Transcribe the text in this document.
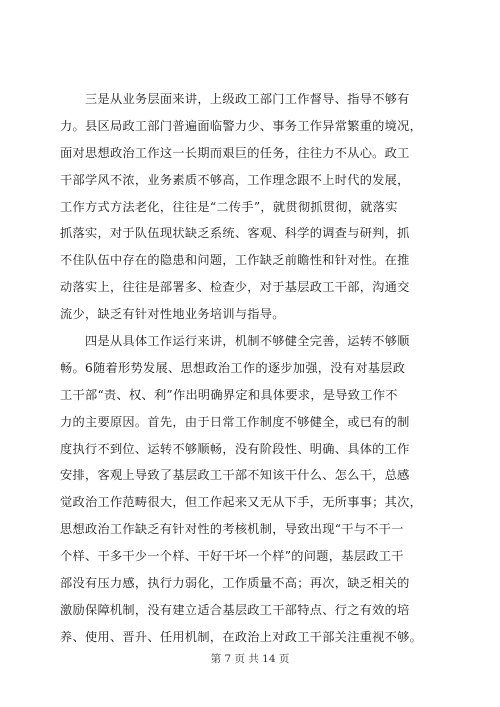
三是从业务层面来讲，上级政工部门工作督导、指导不够有
力。县区局政工部门普遍面临警力少、事务工作异常繁重的境况，
面对思想政治工作这一长期而艰巨的任务，往往力不从心。政工
干部学风不浓，业务素质不够高，工作理念跟不上时代的发展，
工作方式方法老化，往往是“二传手”，就贯彻抓贯彻，就落实
抓落实，对于队伍现状缺乏系统、客观、科学的调查与研判，抓
不住队伍中存在的隐患和问题，工作缺乏前瞻性和针对性。在推
动落实上，往往是部署多、检查少，对于基层政工干部，沟通交
流少，缺乏有针对性地业务培训与指导。
四是从具体工作运行来讲，机制不够健全完善，运转不够顺
畅。6随着形势发展、思想政治工作的逐步加强，没有对基层政
工干部“责、权、利”作出明确界定和具体要求，是导致工作不
力的主要原因。首先，由于日常工作制度不够健全，或已有的制
度执行不到位、运转不够顺畅，没有阶段性、明确、具体的工作
安排，客观上导致了基层政工干部不知该干什么、怎么干，总感
觉政治工作范畴很大，但工作起来又无从下手，无所事事；其次，
思想政治工作缺乏有针对性的考核机制，导致出现“干与不干一
个样、干多干少一个样、干好干坏一个样”的问题，基层政工干
部没有压力感，执行力弱化，工作质量不高；再次，缺乏相关的
激励保障机制，没有建立适合基层政工干部特点、行之有效的培
养、使用、晋升、任用机制，在政治上对政工干部关注重视不够。
第 7 页 共 14 页
